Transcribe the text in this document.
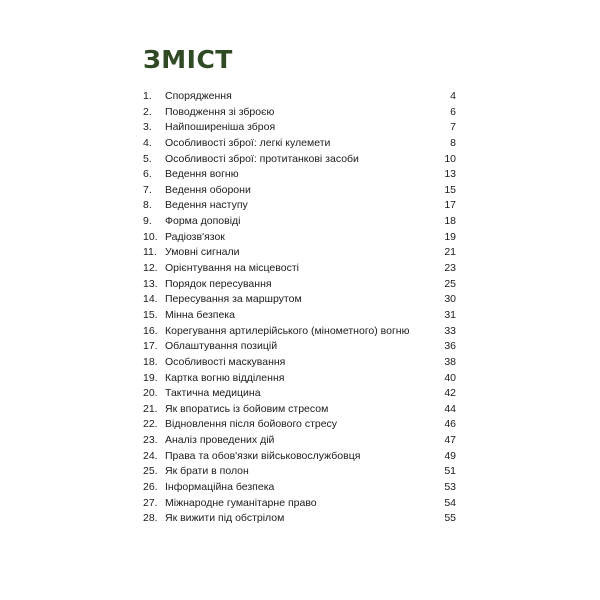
ЗМІСТ
1.	Спорядження	4
2.	Поводження зі зброєю	6
3.	Найпоширеніша зброя	7
4.	Особливості зброї: легкі кулемети	8
5.	Особливості зброї: протитанкові засоби	10
6.	Ведення вогню	13
7.	Ведення оборони	15
8.	Ведення наступу	17
9.	Форма доповіді	18
10. Радіозв'язок	19
11. Умовні сигнали	21
12. Орієнтування на місцевості	23
13. Порядок пересування	25
14. Пересування за маршрутом	30
15. Мінна безпека	31
16. Корегування артилерійського (мінометного) вогню	33
17. Облаштування позицій	36
18. Особливості маскування	38
19. Картка вогню відділення	40
20. Тактична медицина	42
21. Як впоратись із бойовим стресом	44
22. Відновлення після бойового стресу	46
23. Аналіз проведених дій	47
24. Права та обов'язки військовослужбовця	49
25. Як брати в полон	51
26. Інформаційна безпека	53
27. Міжнародне гуманітарне право	54
28. Як вижити під обстрілом	55
